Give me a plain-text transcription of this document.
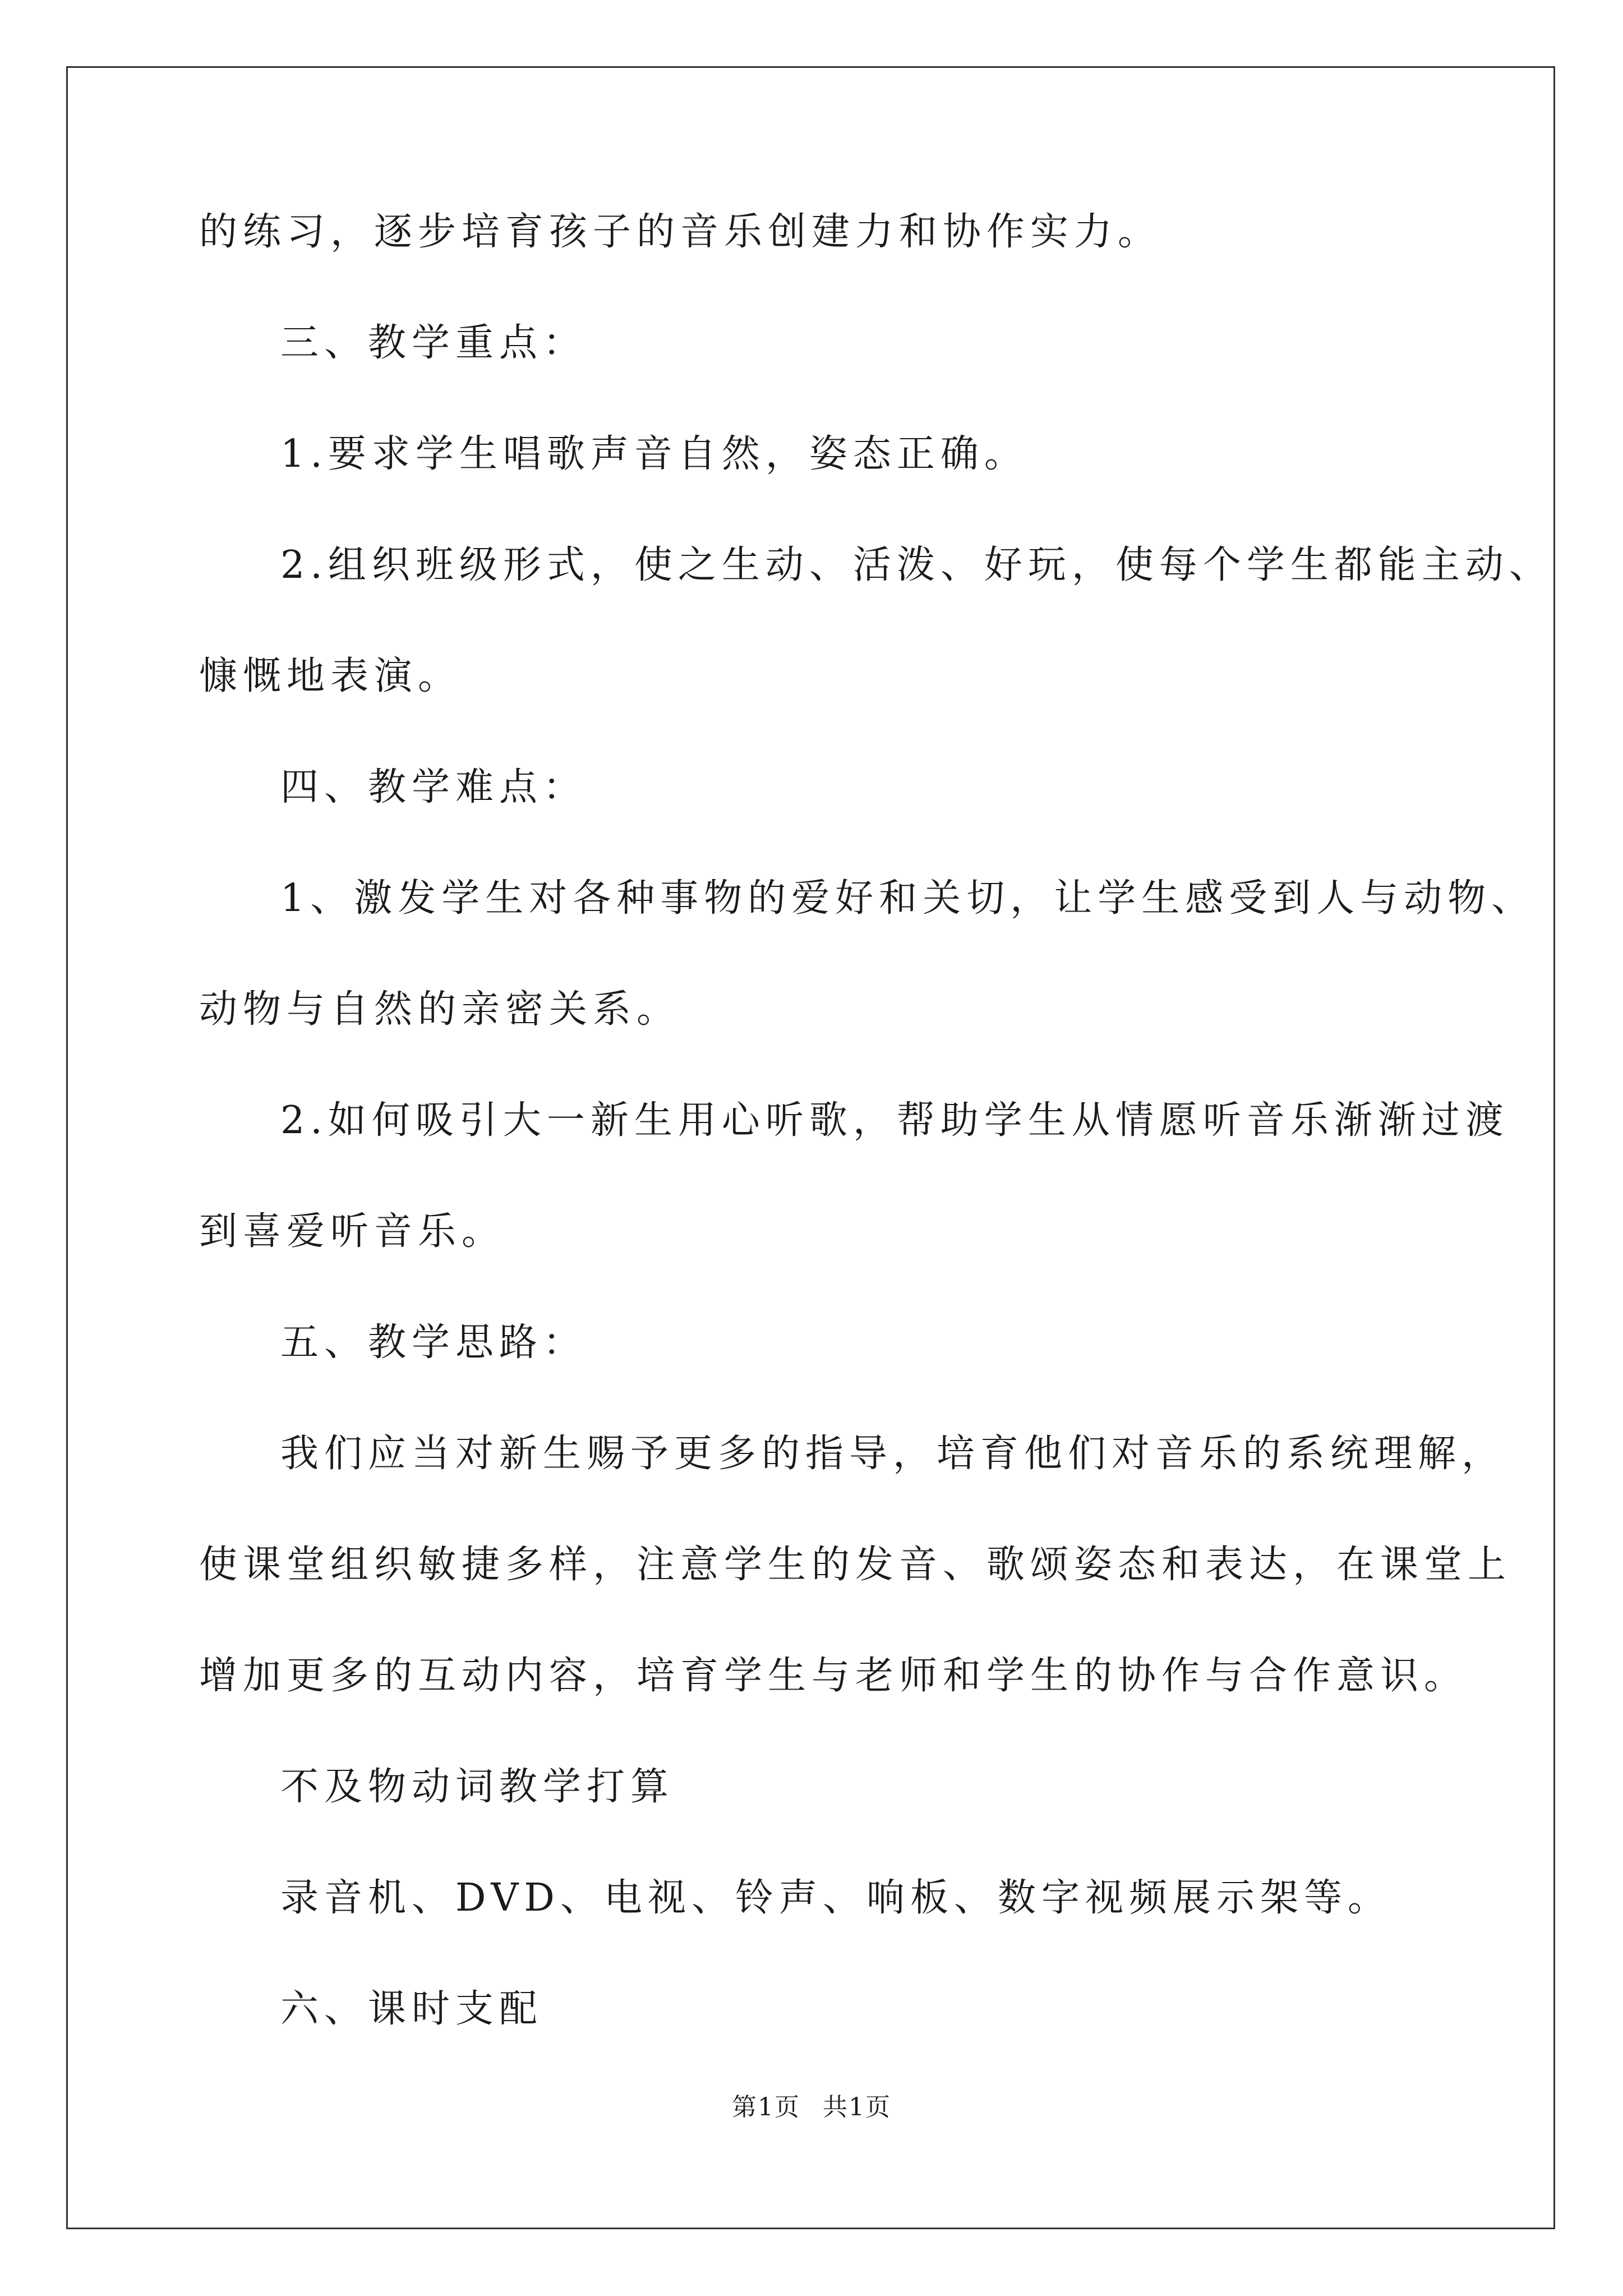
的练习，逐步培育孩子的音乐创建力和协作实力。
三、教学重点：
1.要求学生唱歌声音自然，姿态正确。
2.组织班级形式，使之生动、活泼、好玩，使每个学生都能主动、
慷慨地表演。
四、教学难点：
1、激发学生对各种事物的爱好和关切，让学生感受到人与动物、
动物与自然的亲密关系。
2.如何吸引大一新生用心听歌，帮助学生从情愿听音乐渐渐过渡
到喜爱听音乐。
五、教学思路：
我们应当对新生赐予更多的指导，培育他们对音乐的系统理解，
使课堂组织敏捷多样，注意学生的发音、歌颂姿态和表达，在课堂上
增加更多的互动内容，培育学生与老师和学生的协作与合作意识。
不及物动词教学打算
录音机、DVD、电视、铃声、响板、数字视频展示架等。
六、课时支配
第1页 共1页
